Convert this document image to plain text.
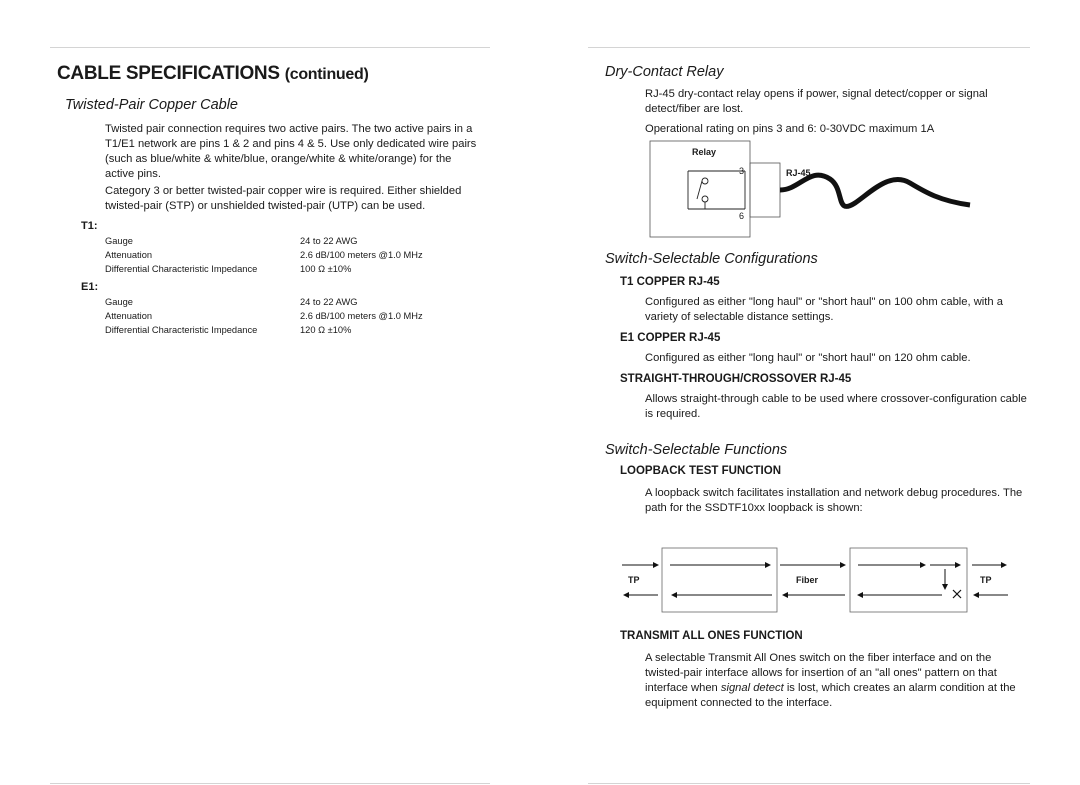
CABLE SPECIFICATIONS (continued)
Twisted-Pair Copper Cable
Twisted pair connection requires two active pairs. The two active pairs in a T1/E1 network are pins 1 & 2 and pins 4 & 5. Use only dedicated wire pairs (such as blue/white & white/blue, orange/white & white/orange) for the active pins.
Category 3 or better twisted-pair copper wire is required. Either shielded twisted-pair (STP) or unshielded twisted-pair (UTP) can be used.
T1:
Gauge	24 to 22 AWG
Attenuation	2.6 dB/100 meters @1.0 MHz
Differential Characteristic Impedance	100 Ω ±10%
E1:
Gauge	24 to 22 AWG
Attenuation	2.6 dB/100 meters @1.0 MHz
Differential Characteristic Impedance	120 Ω ±10%
Dry-Contact Relay
RJ-45 dry-contact relay opens if power, signal detect/copper or signal detect/fiber are lost.
Operational rating on pins 3 and 6: 0-30VDC maximum 1A
Relay
3
6
RJ-45
Switch-Selectable Configurations
T1 COPPER RJ-45
Configured as either "long haul" or "short haul" on 100 ohm cable, with a variety of selectable distance settings.
E1 COPPER RJ-45
Configured as either "long haul" or "short haul" on 120 ohm cable.
STRAIGHT-THROUGH/CROSSOVER RJ-45
Allows straight-through cable to be used where crossover-configuration cable is required.
Switch-Selectable Functions
LOOPBACK TEST FUNCTION
A loopback switch facilitates installation and network debug procedures. The path for the SSDTF10xx loopback is shown:
TP	Fiber	TP
TRANSMIT ALL ONES FUNCTION
A selectable Transmit All Ones switch on the fiber interface and on the twisted-pair interface allows for insertion of an "all ones" pattern on that interface when signal detect is lost, which creates an alarm condition at the equipment connected to the interface.
